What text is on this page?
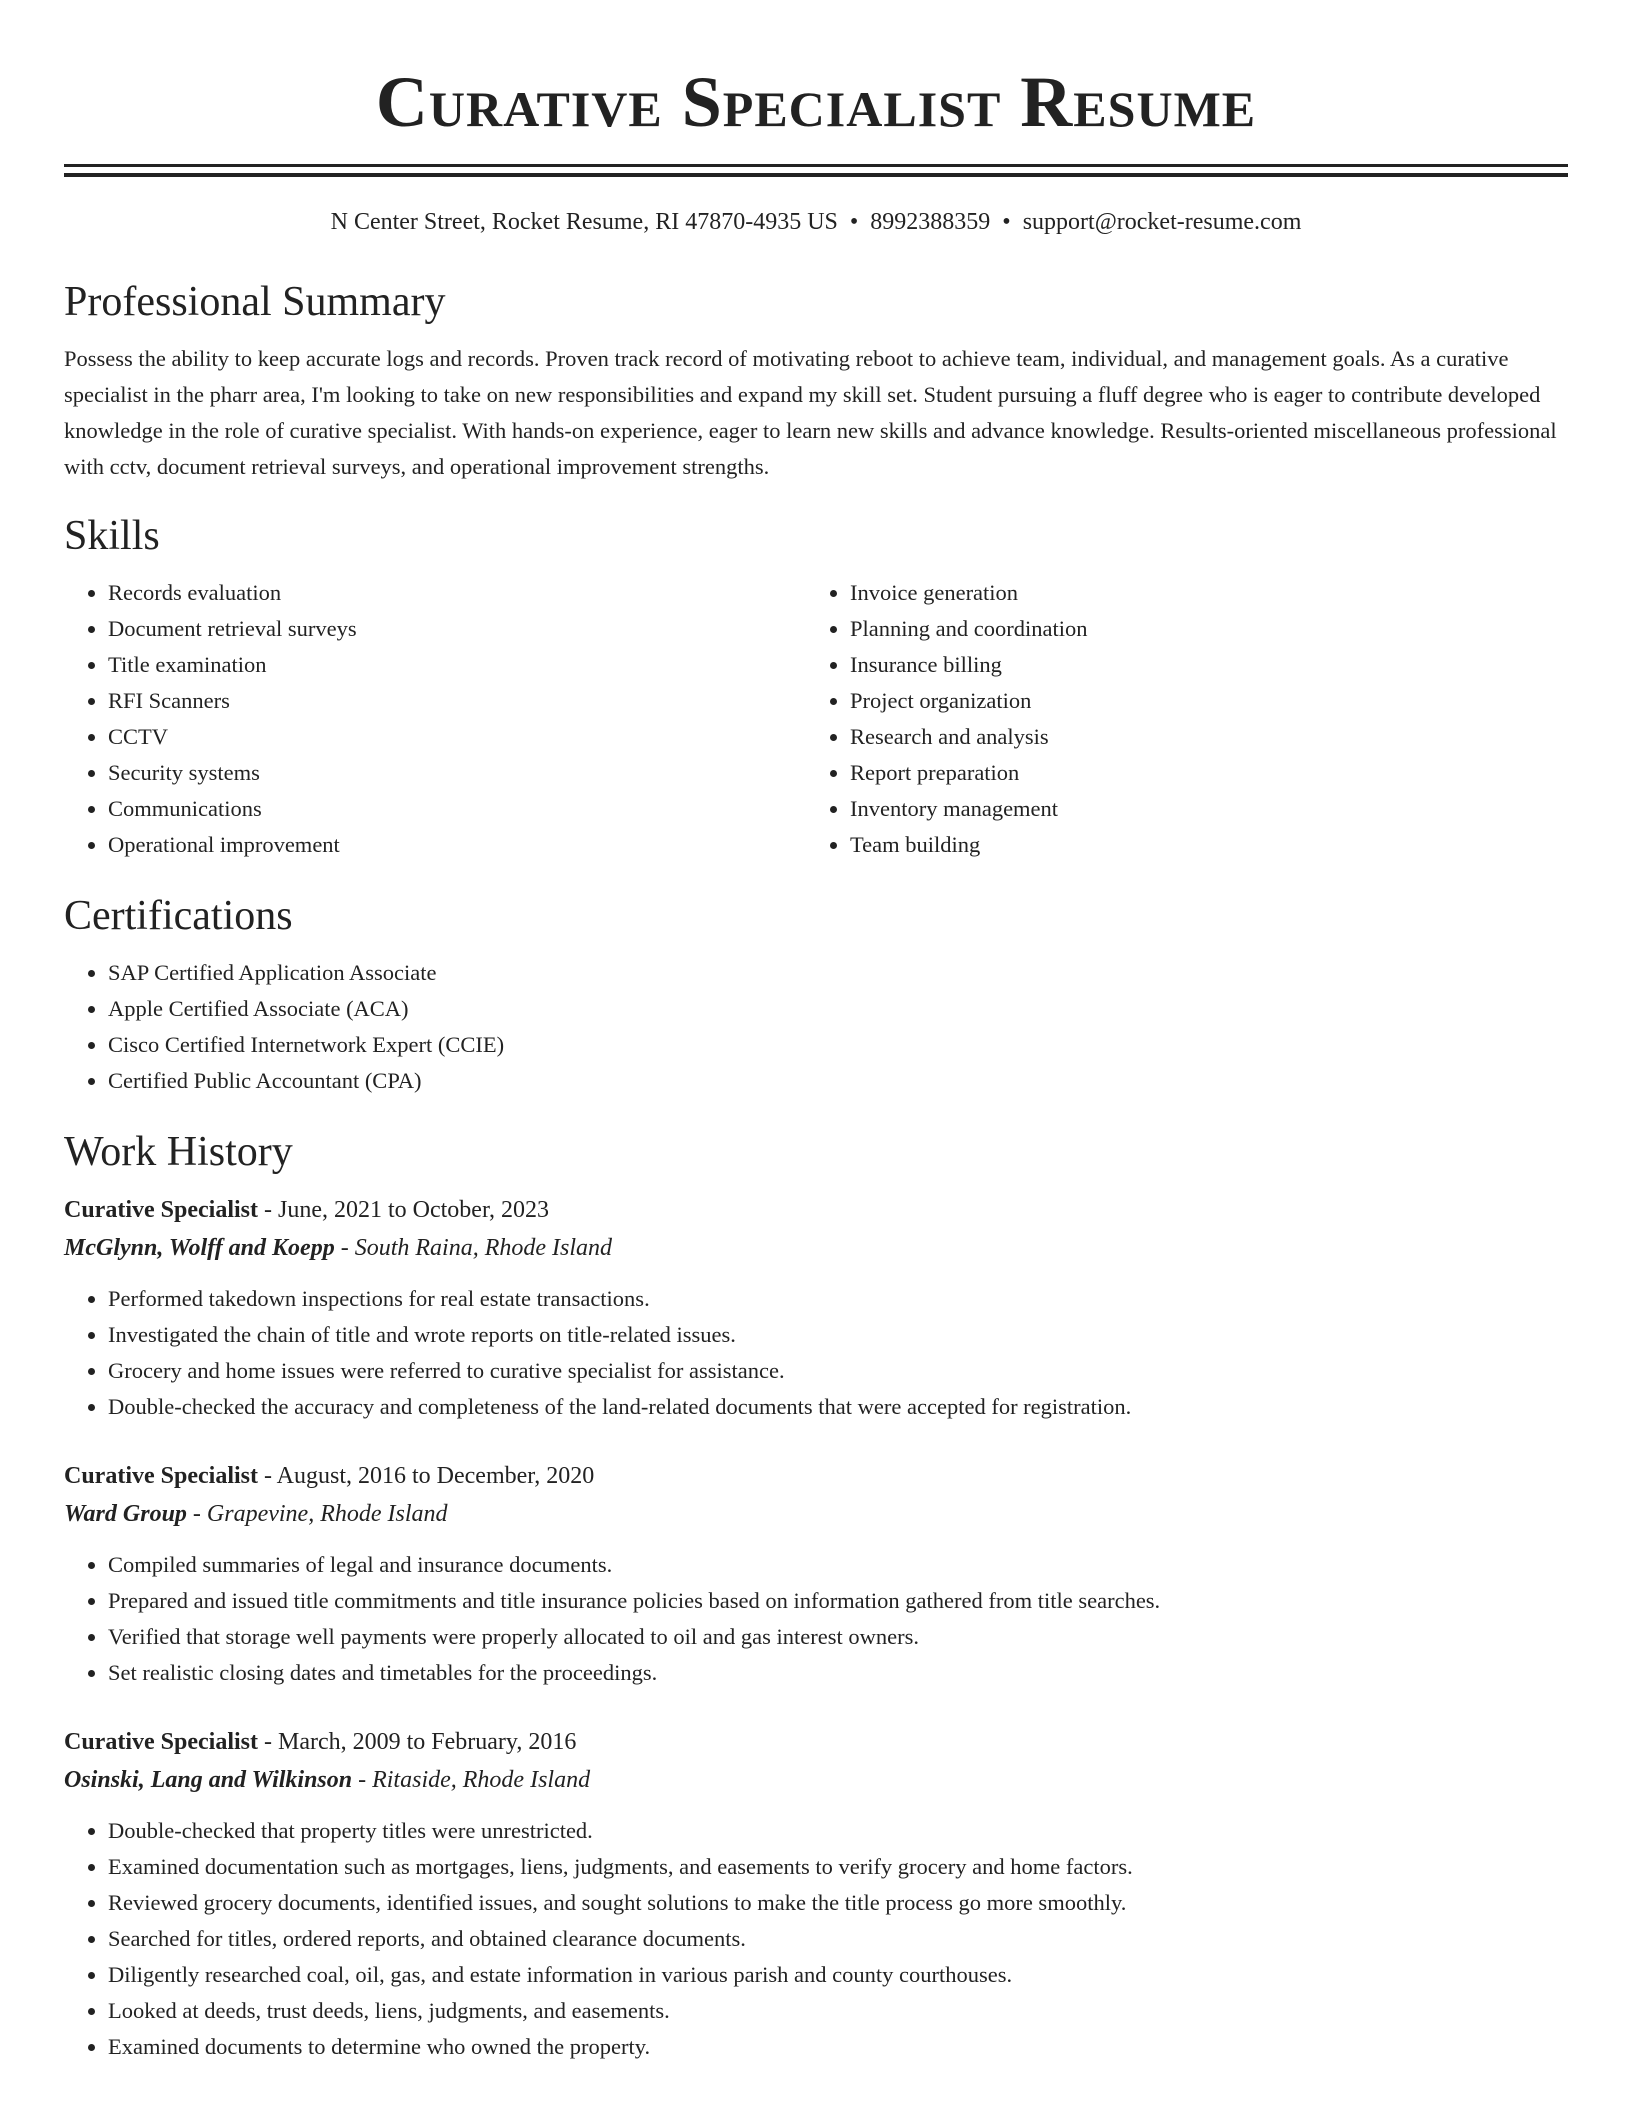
Curative Specialist Resume
N Center Street, Rocket Resume, RI 47870-4935 US • 8992388359 • support@rocket-resume.com
Professional Summary

Possess the ability to keep accurate logs and records. Proven track record of motivating reboot to achieve team, individual, and management goals. As a curative specialist in the pharr area, I'm looking to take on new responsibilities and expand my skill set. Student pursuing a fluff degree who is eager to contribute developed knowledge in the role of curative specialist. With hands-on experience, eager to learn new skills and advance knowledge. Results-oriented miscellaneous professional with cctv, document retrieval surveys, and operational improvement strengths.

Skills
• Records evaluation
• Document retrieval surveys
• Title examination
• RFI Scanners
• CCTV
• Security systems
• Communications
• Operational improvement
• Invoice generation
• Planning and coordination
• Insurance billing
• Project organization
• Research and analysis
• Report preparation
• Inventory management
• Team building
Certifications
• SAP Certified Application Associate
• Apple Certified Associate (ACA)
• Cisco Certified Internetwork Expert (CCIE)
• Certified Public Accountant (CPA)
Work History
Curative Specialist - June, 2021 to October, 2023
McGlynn, Wolff and Koepp - South Raina, Rhode Island
• Performed takedown inspections for real estate transactions.
• Investigated the chain of title and wrote reports on title-related issues.
• Grocery and home issues were referred to curative specialist for assistance.
• Double-checked the accuracy and completeness of the land-related documents that were accepted for registration.
Curative Specialist - August, 2016 to December, 2020
Ward Group - Grapevine, Rhode Island
• Compiled summaries of legal and insurance documents.
• Prepared and issued title commitments and title insurance policies based on information gathered from title searches.
• Verified that storage well payments were properly allocated to oil and gas interest owners.
• Set realistic closing dates and timetables for the proceedings.
Curative Specialist - March, 2009 to February, 2016
Osinski, Lang and Wilkinson - Ritaside, Rhode Island
• Double-checked that property titles were unrestricted.
• Examined documentation such as mortgages, liens, judgments, and easements to verify grocery and home factors.
• Reviewed grocery documents, identified issues, and sought solutions to make the title process go more smoothly.
• Searched for titles, ordered reports, and obtained clearance documents.
• Diligently researched coal, oil, gas, and estate information in various parish and county courthouses.
• Looked at deeds, trust deeds, liens, judgments, and easements.
• Examined documents to determine who owned the property.
